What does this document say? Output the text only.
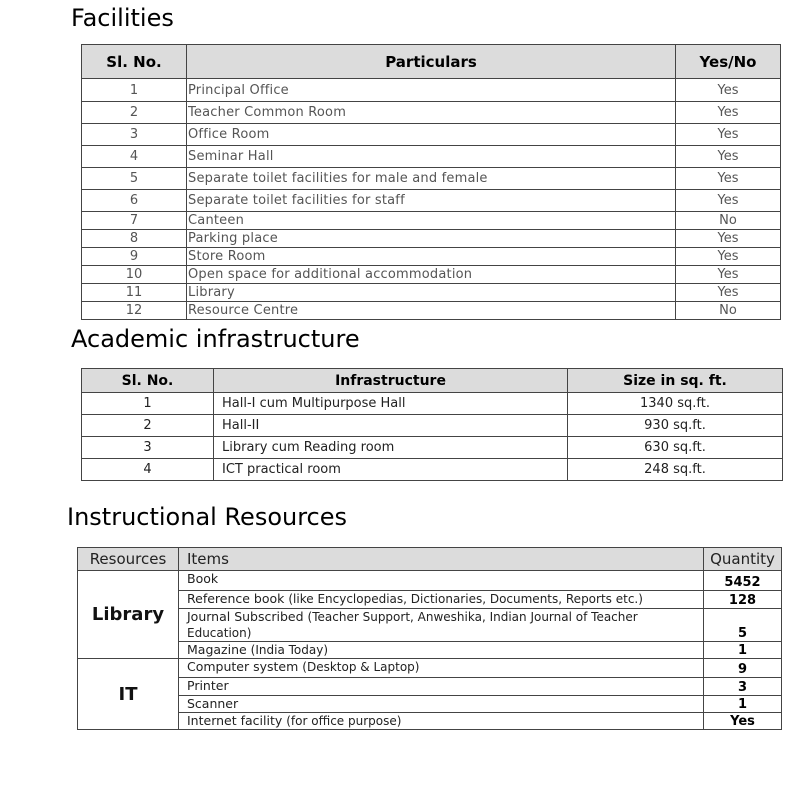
Facilities
Sl. No.	Particulars	Yes/No
1	Principal Office	Yes
2	Teacher Common Room	Yes
3	Office Room	Yes
4	Seminar Hall	Yes
5	Separate toilet facilities for male and female	Yes
6	Separate toilet facilities for staff	Yes
7	Canteen	No
8	Parking place	Yes
9	Store Room	Yes
10	Open space for additional accommodation	Yes
11	Library	Yes
12	Resource Centre	No
Academic infrastructure
Sl. No.	Infrastructure	Size in sq. ft.
1	Hall-I cum Multipurpose Hall	1340 sq.ft.
2	Hall-II	930 sq.ft.
3	Library cum Reading room	630 sq.ft.
4	ICT practical room	248 sq.ft.
Instructional Resources
Resources	Items	Quantity
Library	Book	5452
	Reference book (like Encyclopedias, Dictionaries, Documents, Reports etc.)	128
	Journal Subscribed (Teacher Support, Anweshika, Indian Journal of Teacher Education)	5
	Magazine (India Today)	1
IT	Computer system (Desktop & Laptop)	9
	Printer	3
	Scanner	1
	Internet facility (for office purpose)	Yes
